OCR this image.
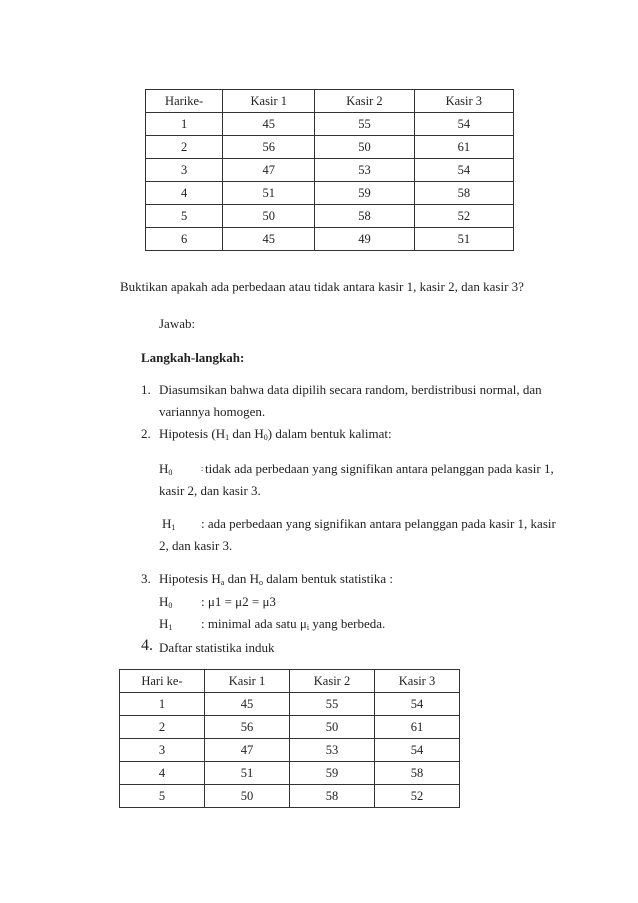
Harike-	Kasir 1	Kasir 2	Kasir 3
1	45	55	54
2	56	50	61
3	47	53	54
4	51	59	58
5	50	58	52
6	45	49	51
Buktikan apakah ada perbedaan atau tidak antara kasir 1, kasir 2, dan kasir 3?
Jawab:
Langkah-langkah:
1. Diasumsikan bahwa data dipilih secara random, berdistribusi normal, dan
variannya homogen.
2. Hipotesis ($H_1$ dan $H_0$) dalam bentuk kalimat:
$H_0$	: tidak ada perbedaan yang signifikan antara pelanggan pada kasir 1,
kasir 2, dan kasir 3.
$H_1$ : ada perbedaan yang signifikan antara pelanggan pada kasir 1, kasir
2, dan kasir 3.
3. Hipotesis $H_a$ dan $H_o$ dalam bentuk statistika :
$H_0$ : μ1 = μ2 = μ3
$H_1$ : minimal ada satu $\mu_i$ yang berbeda.
4. Daftar statistika induk
Hari ke-	Kasir 1	Kasir 2	Kasir 3
1	45	55	54
2	56	50	61
3	47	53	54
4	51	59	58
5	50	58	52
